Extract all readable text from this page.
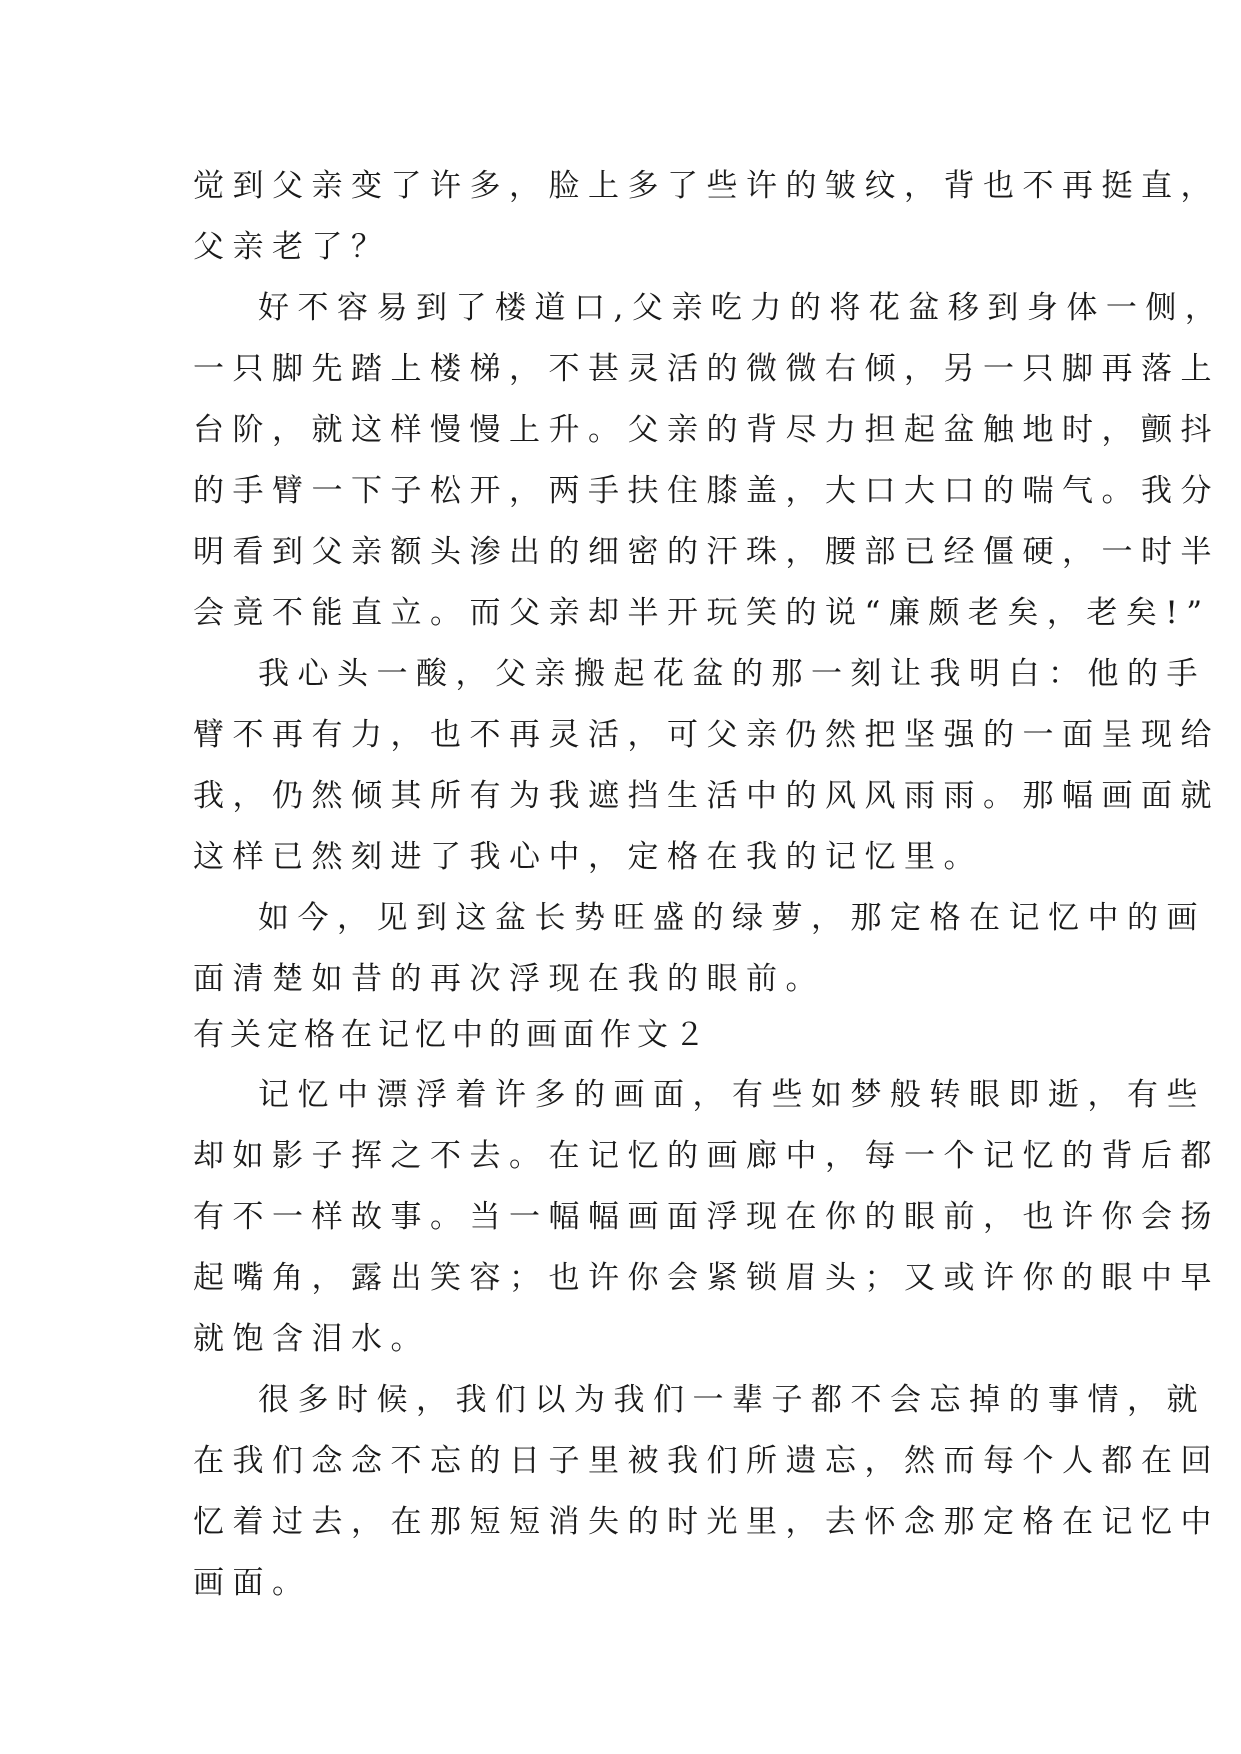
觉到父亲变了许多，脸上多了些许的皱纹，背也不再挺直，
父亲老了？
好不容易到了楼道口,父亲吃力的将花盆移到身体一侧，
一只脚先踏上楼梯，不甚灵活的微微右倾，另一只脚再落上
台阶，就这样慢慢上升。父亲的背尽力担起盆触地时，颤抖
的手臂一下子松开，两手扶住膝盖，大口大口的喘气。我分
明看到父亲额头渗出的细密的汗珠，腰部已经僵硬，一时半
会竟不能直立。而父亲却半开玩笑的说“廉颇老矣，老矣!”
我心头一酸，父亲搬起花盆的那一刻让我明白：他的手
臂不再有力，也不再灵活，可父亲仍然把坚强的一面呈现给
我，仍然倾其所有为我遮挡生活中的风风雨雨。那幅画面就
这样已然刻进了我心中，定格在我的记忆里。
如今，见到这盆长势旺盛的绿萝，那定格在记忆中的画
面清楚如昔的再次浮现在我的眼前。
有关定格在记忆中的画面作文２
记忆中漂浮着许多的画面，有些如梦般转眼即逝，有些
却如影子挥之不去。在记忆的画廊中，每一个记忆的背后都
有不一样故事。当一幅幅画面浮现在你的眼前，也许你会扬
起嘴角，露出笑容；也许你会紧锁眉头；又或许你的眼中早
就饱含泪水。
很多时候，我们以为我们一辈子都不会忘掉的事情，就
在我们念念不忘的日子里被我们所遗忘，然而每个人都在回
忆着过去，在那短短消失的时光里，去怀念那定格在记忆中
画面。
